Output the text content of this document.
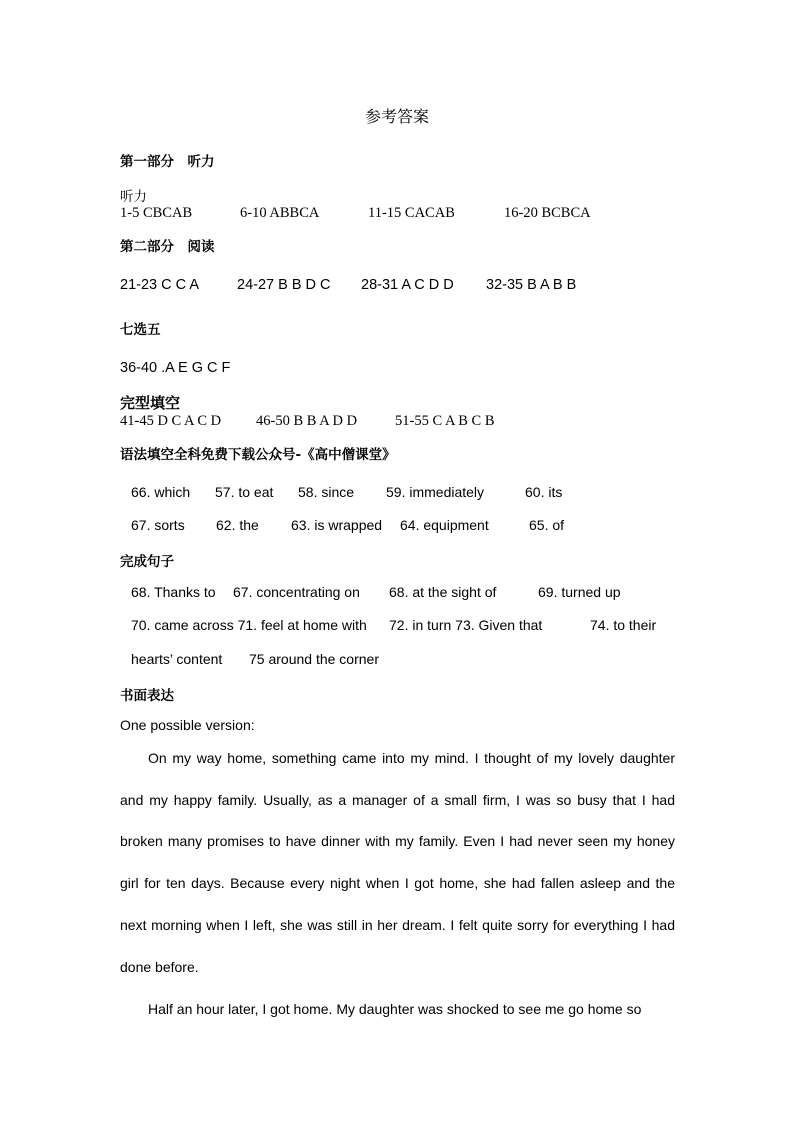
参考答案

第一部分　听力

听力

1-5 CBCAB	6-10 ABBCA	11-15 CACAB	16-20 BCBCA

第二部分　阅读

21-23 C C A	24-27 B B D C 28-31 A C D D 32-35 B A B B

七选五

36-40 .A E G C F

完型填空

41-45 D C A C D 46-50 B B A D D	51-55 C A B C B

语法填空全科免费下载公众号-《高中僧课堂》

66. which 57. to eat 58. since 59. immediately	60. its

67. sorts 62. the 63. is wrapped 64. equipment	65. of

完成句子

68. Thanks to 67. concentrating on 68. at the sight of	69. turned up

70. came across 71. feel at home with 72. in turn 73. Given that	74. to their

hearts’ content 75 around the corner

书面表达

One possible version:

On my way home, something came into my mind. I thought of my lovely daughter and my happy family. Usually, as a manager of a small firm, I was so busy that I had broken many promises to have dinner with my family. Even I had never seen my honey girl for ten days. Because every night when I got home, she had fallen asleep and the next morning when I left, she was still in her dream. I felt quite sorry for everything I had done before.

Half an hour later, I got home. My daughter was shocked to see me go home so
